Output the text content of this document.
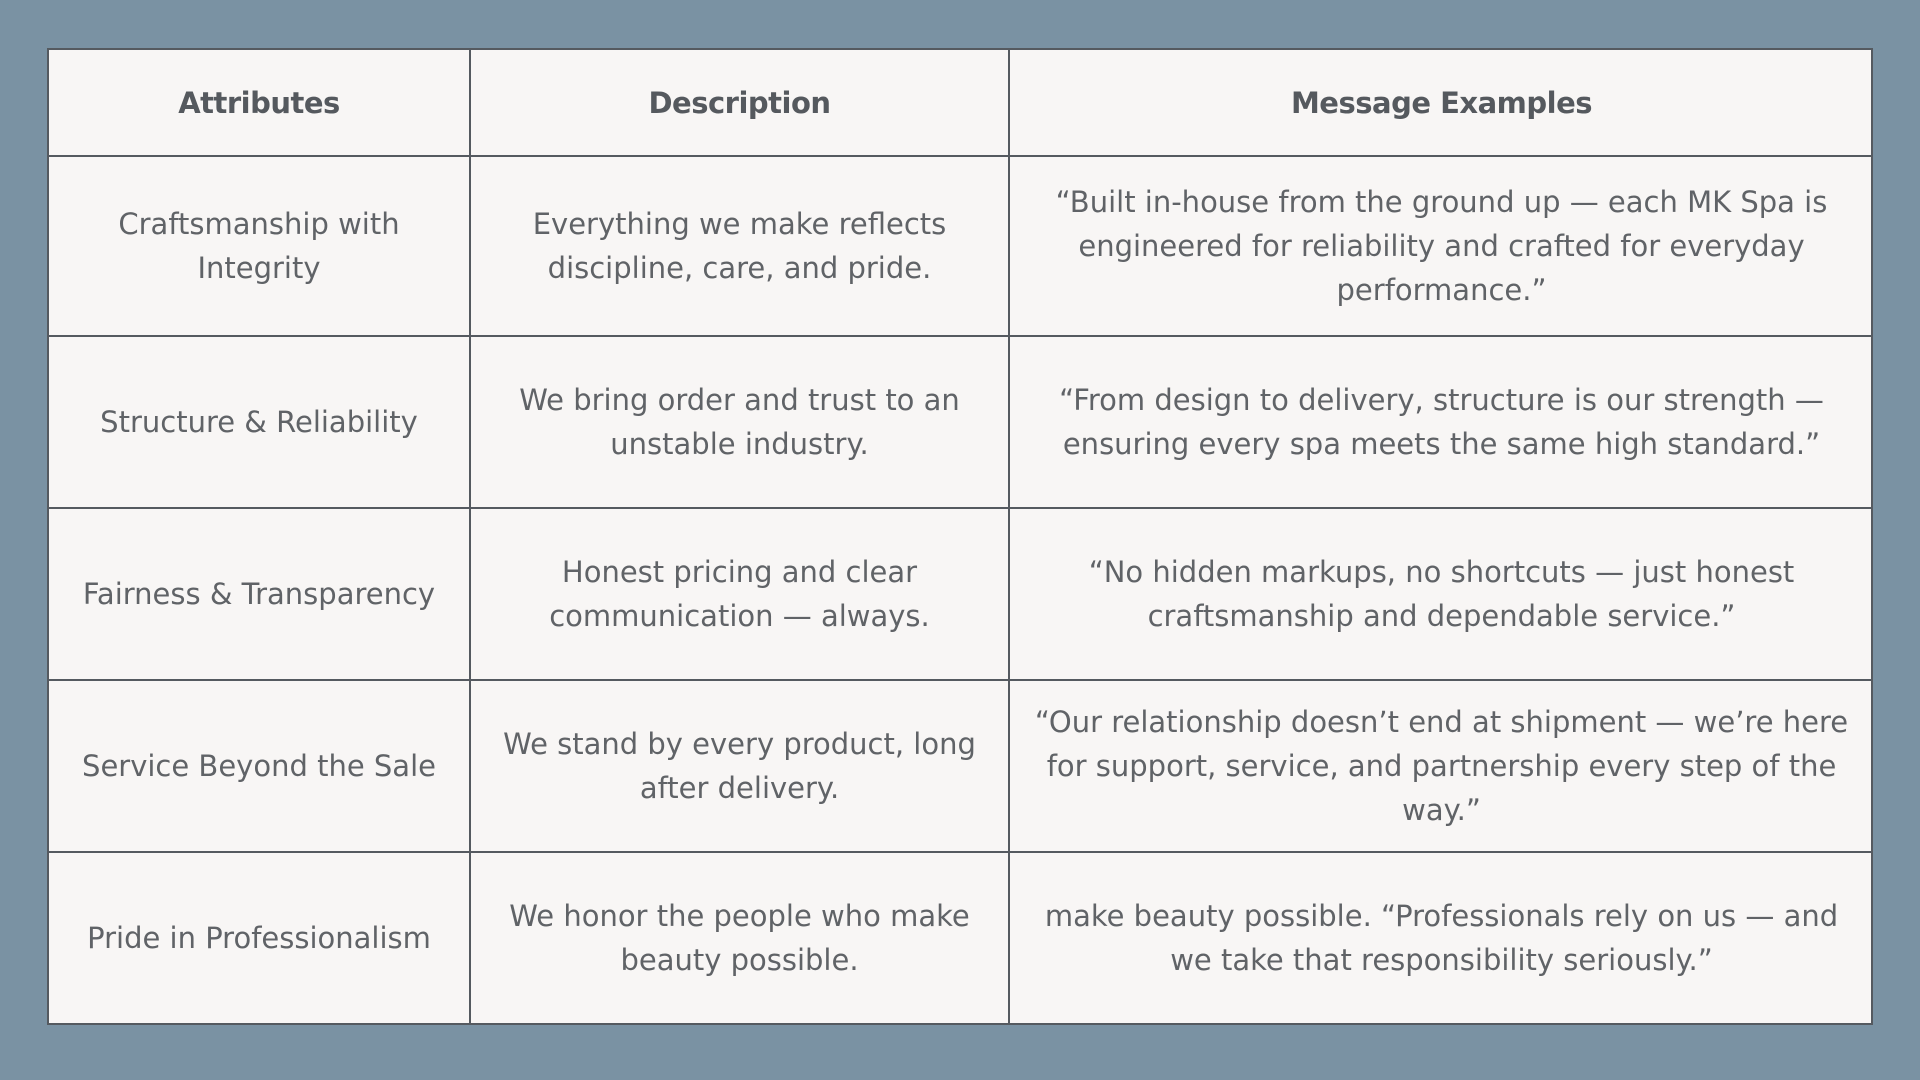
Attributes	Description	Message Examples
Craftsmanship with Integrity	Everything we make reflects discipline, care, and pride.	“Built in-house from the ground up — each MK Spa is engineered for reliability and crafted for everyday performance.”
Structure & Reliability	We bring order and trust to an unstable industry.	“From design to delivery, structure is our strength — ensuring every spa meets the same high standard.”
Fairness & Transparency	Honest pricing and clear communication — always.	“No hidden markups, no shortcuts — just honest craftsmanship and dependable service.”
Service Beyond the Sale	We stand by every product, long after delivery.	“Our relationship doesn’t end at shipment — we’re here for support, service, and partnership every step of the way.”
Pride in Professionalism	We honor the people who make beauty possible.	make beauty possible. “Professionals rely on us — and we take that responsibility seriously.”
